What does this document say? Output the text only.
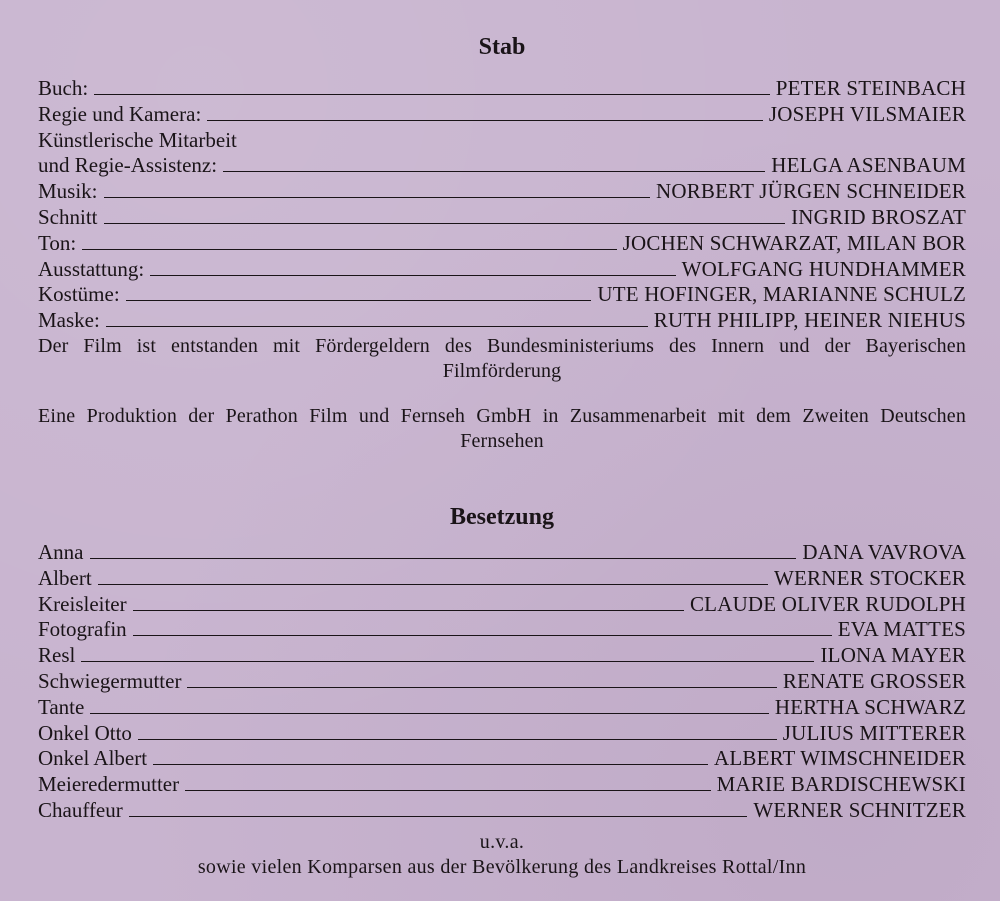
Stab
Buch:	PETER STEINBACH
Regie und Kamera:	JOSEPH VILSMAIER
Künstlerische Mitarbeit
und Regie-Assistenz:	HELGA ASENBAUM
Musik:	NORBERT JÜRGEN SCHNEIDER
Schnitt	INGRID BROSZAT
Ton:	JOCHEN SCHWARZAT, MILAN BOR
Ausstattung:	WOLFGANG HUNDHAMMER
Kostüme:	UTE HOFINGER, MARIANNE SCHULZ
Maske:	RUTH PHILIPP, HEINER NIEHUS

Der Film ist entstanden mit Fördergeldern des Bundesministeriums des Innern und der Bayerischen Filmförderung

Eine Produktion der Perathon Film und Fernseh GmbH in Zusammenarbeit mit dem Zweiten Deutschen Fernsehen

Besetzung
Anna	DANA VAVROVA
Albert	WERNER STOCKER
Kreisleiter	CLAUDE OLIVER RUDOLPH
Fotografin	EVA MATTES
Resl	ILONA MAYER
Schwiegermutter	RENATE GROSSER
Tante	HERTHA SCHWARZ
Onkel Otto	JULIUS MITTERER
Onkel Albert	ALBERT WIMSCHNEIDER
Meieredermutter	MARIE BARDISCHEWSKI
Chauffeur	WERNER SCHNITZER

u.v.a.

sowie vielen Komparsen aus der Bevölkerung des Landkreises Rottal/Inn
